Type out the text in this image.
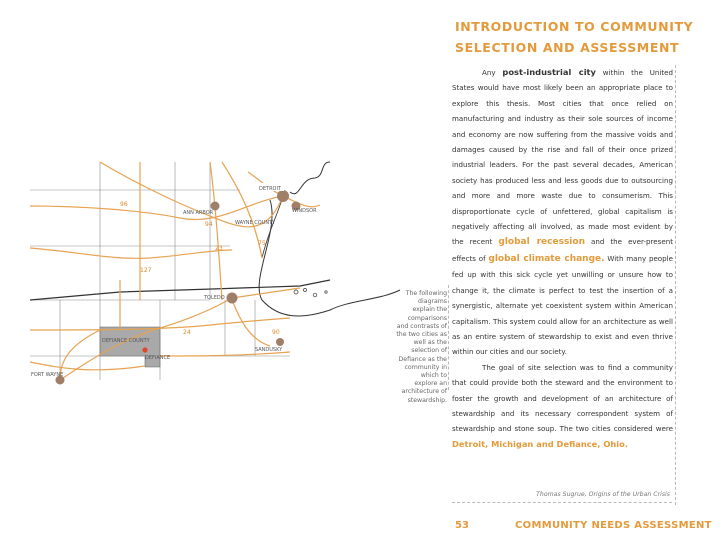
DETROIT
WINDSOR
ANN ARBOR
WAYNE COUNTY
TOLEDO
SANDUSKY
DEFIANCE COUNTY
DEFIANCE
FORT WAYNE
96
94
23
75
127
24	90
INTRODUCTION TO COMMUNITY
SELECTION AND ASSESSMENT

Any post-industrial city within the United States would have most likely been an appropriate place to explore this thesis. Most cities that once relied on manufacturing and industry as their sole sources of income and economy are now suffering from the massive voids and damages caused by the rise and fall of their once prized industrial leaders. For the past several decades, American society has produced less and less goods due to outsourcing and more and more waste due to consumerism. This disproportionate cycle of unfettered, global capitalism is negatively affecting all involved, as made most evident by the recent global recession and the ever-present effects of global climate change. With many people fed up with this sick cycle yet unwilling or unsure how to change it, the climate is perfect to test the insertion of a synergistic, alternate yet coexistent system within American capitalism. This system could allow for an architecture as well as an entire system of stewardship to exist and even thrive within our cities and our society.

The goal of site selection was to find a community that could provide both the steward and the environment to foster the growth and development of an architecture of stewardship and its necessary correspondent system of stewardship and stone soup. The two cities considered were Detroit, Michigan and Defiance, Ohio.

The following diagrams explain the comparisons and contrasts of the two cities as well as the selection of Defiance as the community in which to explore an architecture of stewardship.
Thomas Sugrue, Origins of the Urban Crisis
53	COMMUNITY NEEDS ASSESSMENT
